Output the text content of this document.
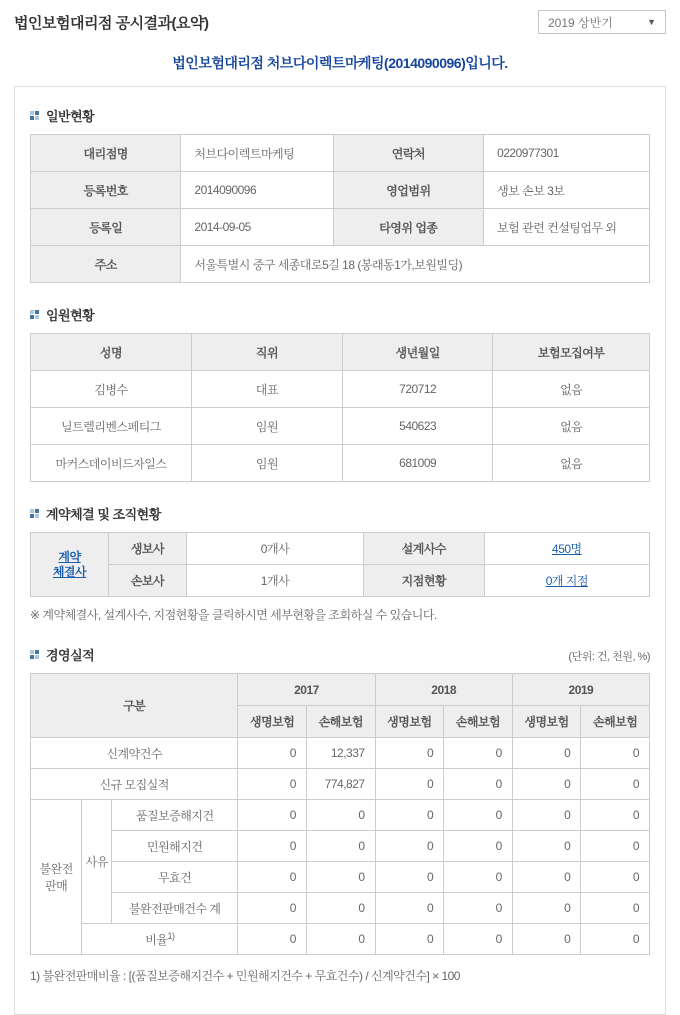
법인보험대리점 공시결과(요약)	2019 상반기	▼
법인보험대리점 처브다이렉트마케팅(2014090096)입니다.
일반현황
대리점명	처브다이렉트마케팅	연락처	0220977301
등록번호	2014090096	영업범위	생보 손보 3보
등록일	2014-09-05	타영위 업종	보험 관련 컨설팅업무 외
주소	서울특별시 중구 세종대로5길 18 (봉래동1가,보원빌딩)		
임원현황
성명	직위	생년월일	보험모집여부
김병수	대표	720712	없음
닐트렐리벤스페티그	임원	540623	없음
마커스데이비드자일스	임원	681009	없음
계약체결 및 조직현황
계약
체결사	생보사	0개사	설계사수	450명
	손보사	1개사	지점현황	0개 지점
※ 계약체결사, 설계사수, 지점현황을 클릭하시면 세부현황을 조회하실 수 있습니다.
경영실적	(단위: 건, 천원, %)
구분			2017		2018		2019	
			생명보험	손해보험	생명보험	손해보험	생명보험	손해보험
신계약건수			0	12,337	0	0	0	0
신규 모집실적			0	774,827	0	0	0	0
불완전
판매	사유	품질보증해지건	0	0	0	0	0	0
		민원해지건	0	0	0	0	0	0
		무효건	0	0	0	0	0	0
		불완전판매건수 계	0	0	0	0	0	0
	비율$^{1)}$		0	0	0	0	0	0
1) 불완전판매비율 : [(품질보증해지건수 + 민원해지건수 + 무효건수) / 신계약건수] × 100
